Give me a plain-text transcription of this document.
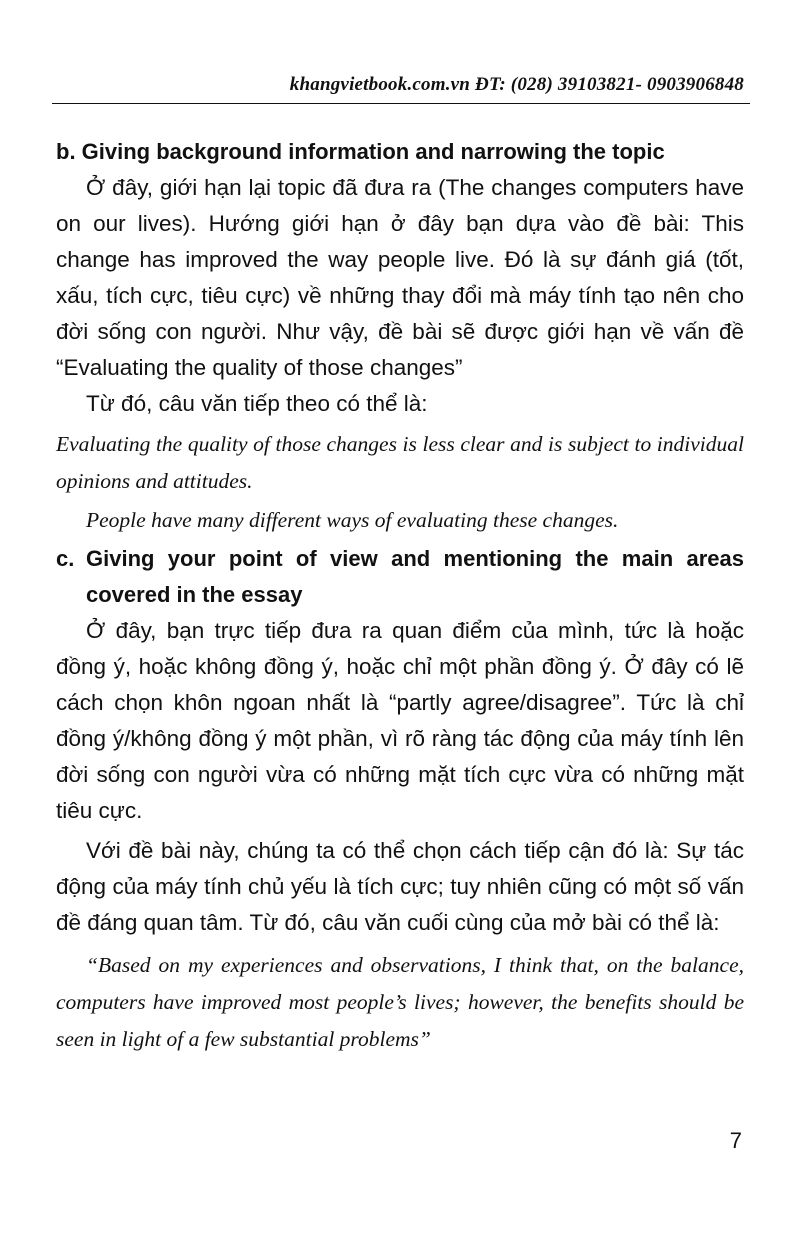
khangvietbook.com.vn ĐT: (028) 39103821- 0903906848

b. Giving background information and narrowing the topic

Ở đây, giới hạn lại topic đã đưa ra (The changes computers have on our lives). Hướng giới hạn ở đây bạn dựa vào đề bài: This change has improved the way people live. Đó là sự đánh giá (tốt, xấu, tích cực, tiêu cực) về những thay đổi mà máy tính tạo nên cho đời sống con người. Như vậy, đề bài sẽ được giới hạn về vấn đề “Evaluating the quality of those changes”

Từ đó, câu văn tiếp theo có thể là:

Evaluating the quality of those changes is less clear and is subject to individual opinions and attitudes.

People have many different ways of evaluating these changes.

c. Giving your point of view and mentioning the main areas covered in the essay

Ở đây, bạn trực tiếp đưa ra quan điểm của mình, tức là hoặc đồng ý, hoặc không đồng ý, hoặc chỉ một phần đồng ý. Ở đây có lẽ cách chọn khôn ngoan nhất là “partly agree/disagree”. Tức là chỉ đồng ý/không đồng ý một phần, vì rõ ràng tác động của máy tính lên đời sống con người vừa có những mặt tích cực vừa có những mặt tiêu cực.

Với đề bài này, chúng ta có thể chọn cách tiếp cận đó là: Sự tác động của máy tính chủ yếu là tích cực; tuy nhiên cũng có một số vấn đề đáng quan tâm. Từ đó, câu văn cuối cùng của mở bài có thể là:

“Based on my experiences and observations, I think that, on the balance, computers have improved most people’s lives; however, the benefits should be seen in light of a few substantial problems”

7
